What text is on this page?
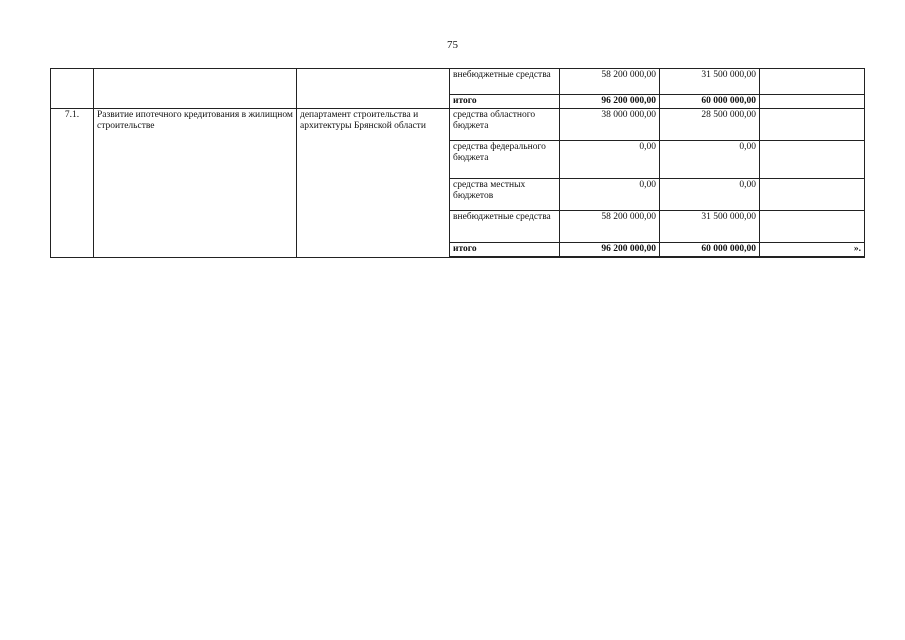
75
			внебюджетные средства	58 200 000,00	31 500 000,00	
			итого	96 200 000,00	60 000 000,00	
7.1.	Развитие ипотечного кредитования в жилищном строительстве	департамент строительства и архитектуры Брянской области	средства областного бюджета	38 000 000,00	28 500 000,00	
			средства федерального бюджета	0,00	0,00	
			средства местных бюджетов	0,00	0,00	
			внебюджетные средства	58 200 000,00	31 500 000,00	
			итого	96 200 000,00	60 000 000,00	».
